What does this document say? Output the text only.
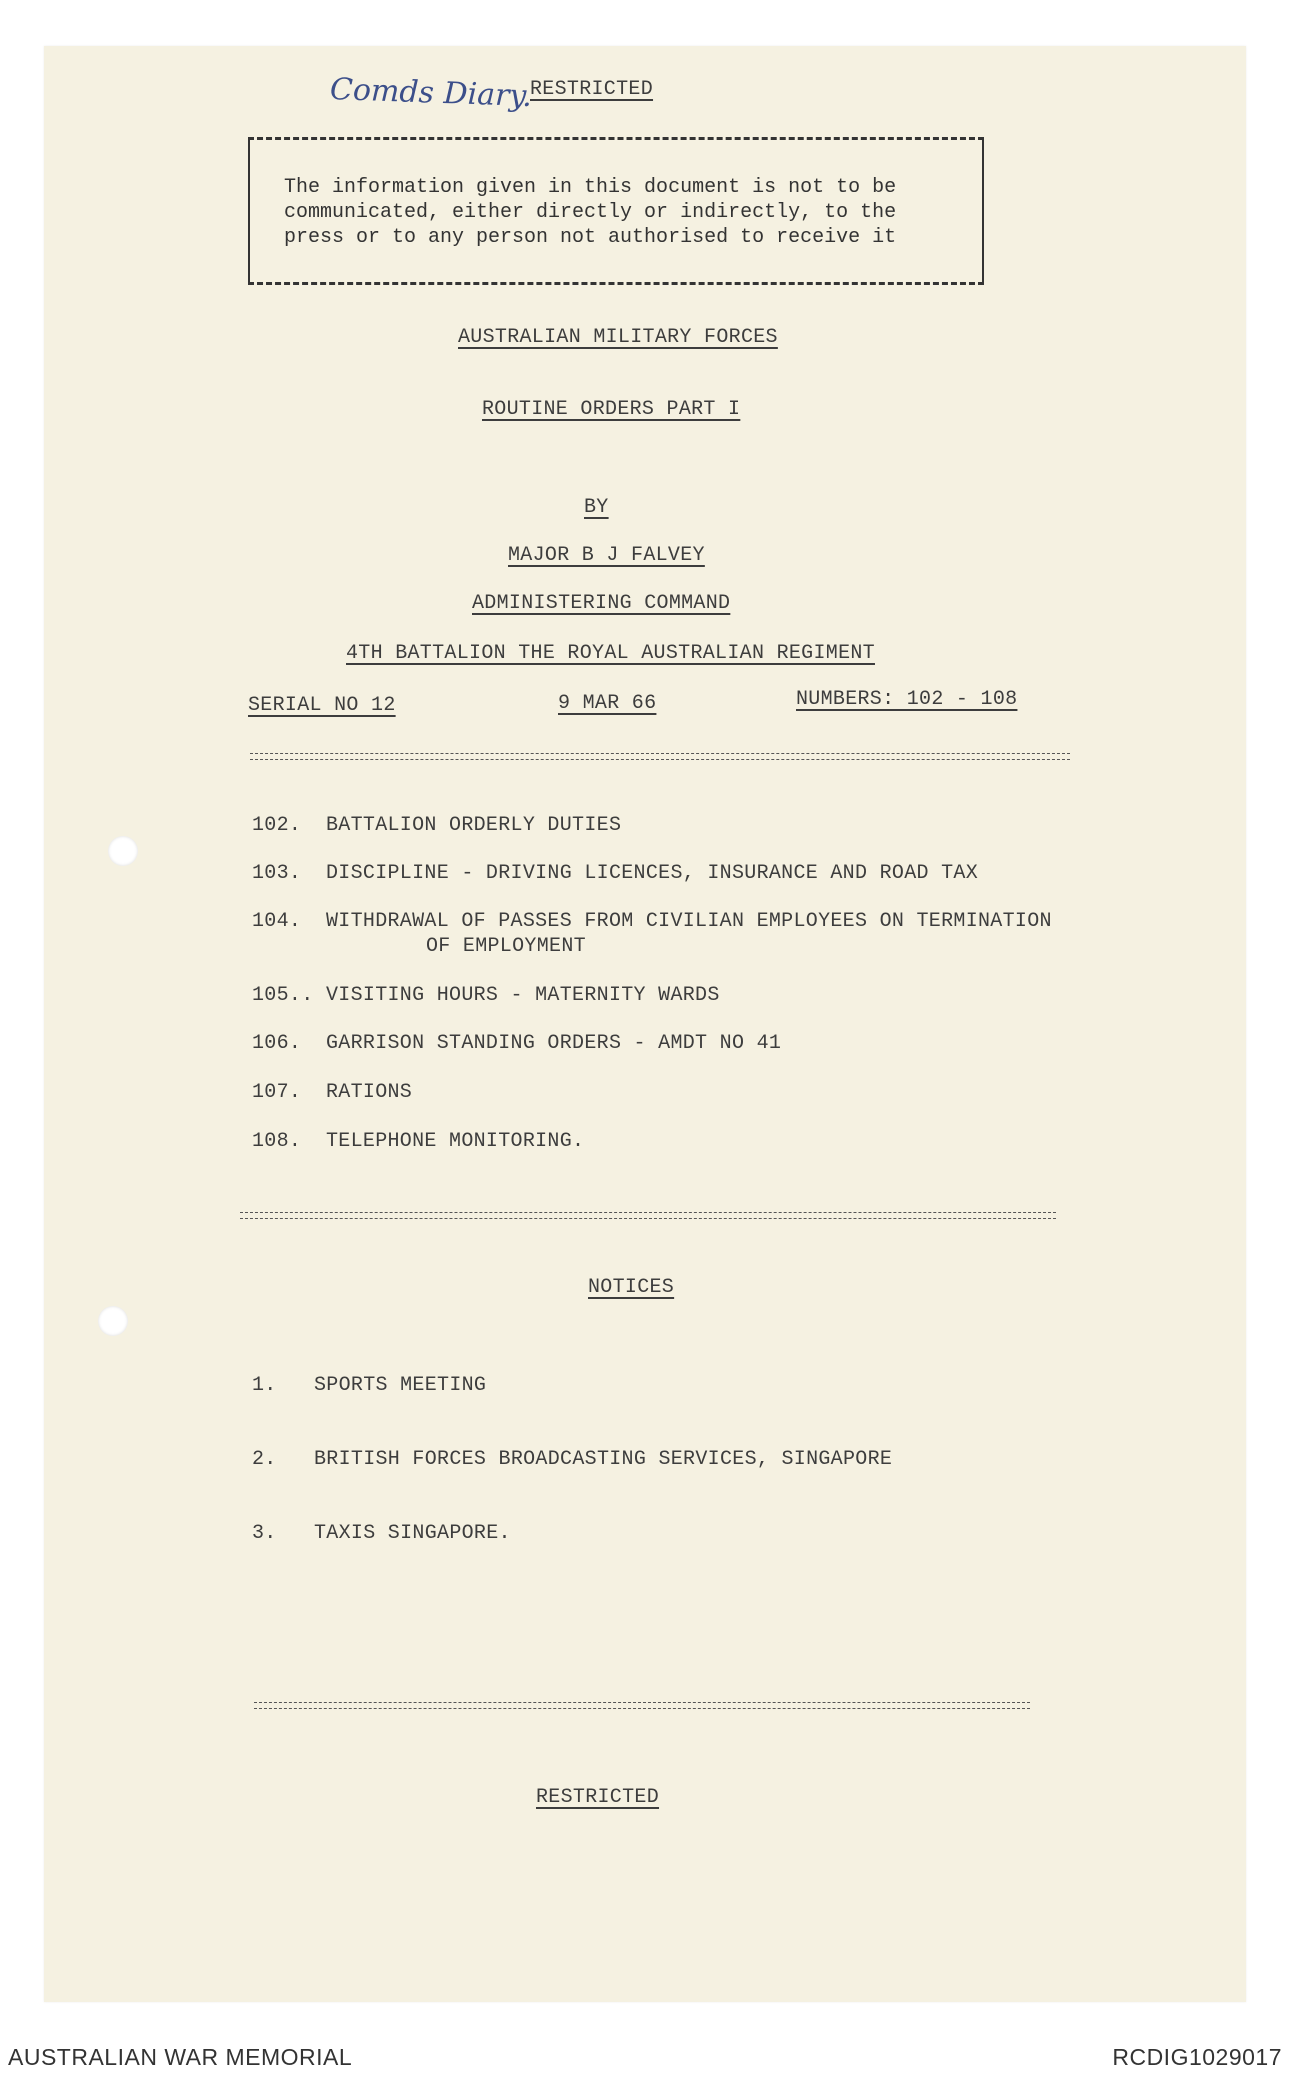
Comds Diary.
RESTRICTED
The information given in this document is not to be
communicated, either directly or indirectly, to the
press or to any person not authorised to receive it
AUSTRALIAN MILITARY FORCES
ROUTINE ORDERS PART I
BY
MAJOR B J FALVEY
ADMINISTERING COMMAND
4TH BATTALION THE ROYAL AUSTRALIAN REGIMENT
SERIAL NO 12	9 MAR 66	NUMBERS: 102 - 108
102. BATTALION ORDERLY DUTIES
103. DISCIPLINE - DRIVING LICENCES, INSURANCE AND ROAD TAX
104. WITHDRAWAL OF PASSES FROM CIVILIAN EMPLOYEES ON TERMINATION
OF EMPLOYMENT
105.. VISITING HOURS - MATERNITY WARDS
106. GARRISON STANDING ORDERS - AMDT NO 41
107. RATIONS
108. TELEPHONE MONITORING.
NOTICES
1. SPORTS MEETING
2. BRITISH FORCES BROADCASTING SERVICES, SINGAPORE
3. TAXIS SINGAPORE.
RESTRICTED
AUSTRALIAN WAR MEMORIAL	RCDIG1029017
